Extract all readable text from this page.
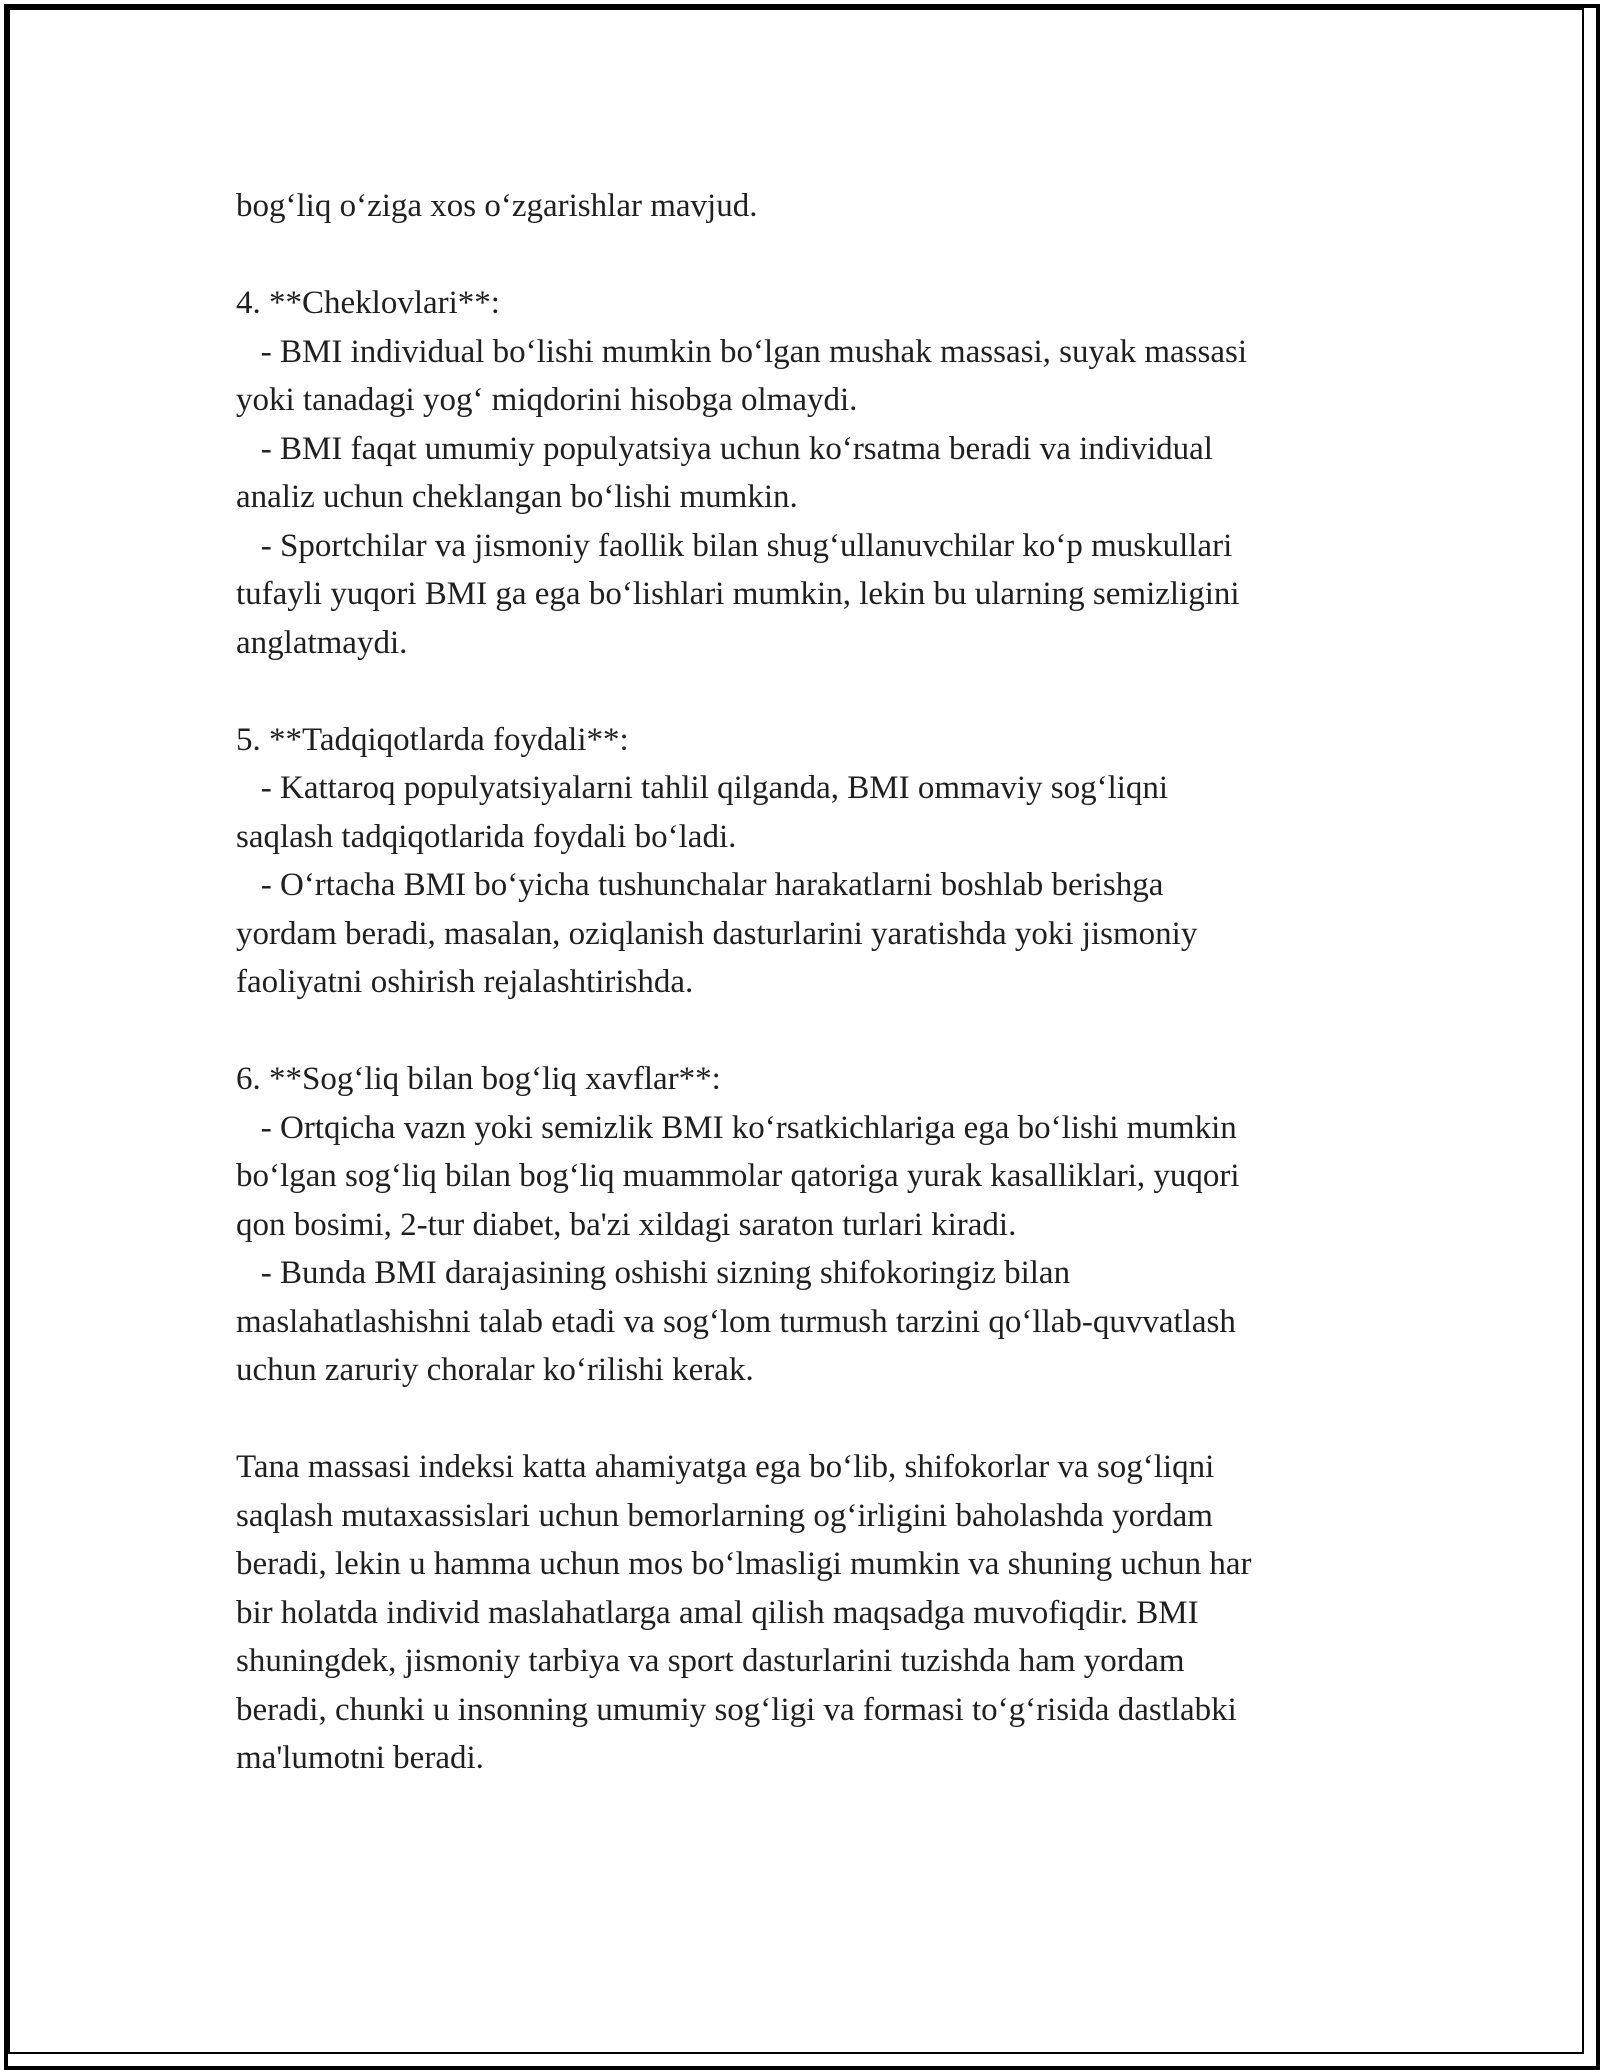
bog‘liq o‘ziga xos o‘zgarishlar mavjud.
4. **Cheklovlari**:
- BMI individual bo‘lishi mumkin bo‘lgan mushak massasi, suyak massasi
yoki tanadagi yog‘ miqdorini hisobga olmaydi.
- BMI faqat umumiy populyatsiya uchun ko‘rsatma beradi va individual
analiz uchun cheklangan bo‘lishi mumkin.
- Sportchilar va jismoniy faollik bilan shug‘ullanuvchilar ko‘p muskullari
tufayli yuqori BMI ga ega bo‘lishlari mumkin, lekin bu ularning semizligini
anglatmaydi.
5. **Tadqiqotlarda foydali**:
- Kattaroq populyatsiyalarni tahlil qilganda, BMI ommaviy sog‘liqni
saqlash tadqiqotlarida foydali bo‘ladi.
- O‘rtacha BMI bo‘yicha tushunchalar harakatlarni boshlab berishga
yordam beradi, masalan, oziqlanish dasturlarini yaratishda yoki jismoniy
faoliyatni oshirish rejalashtirishda.
6. **Sog‘liq bilan bog‘liq xavflar**:
- Ortqicha vazn yoki semizlik BMI ko‘rsatkichlariga ega bo‘lishi mumkin
bo‘lgan sog‘liq bilan bog‘liq muammolar qatoriga yurak kasalliklari, yuqori
qon bosimi, 2-tur diabet, ba'zi xildagi saraton turlari kiradi.
- Bunda BMI darajasining oshishi sizning shifokoringiz bilan
maslahatlashishni talab etadi va sog‘lom turmush tarzini qo‘llab-quvvatlash
uchun zaruriy choralar ko‘rilishi kerak.
Tana massasi indeksi katta ahamiyatga ega bo‘lib, shifokorlar va sog‘liqni
saqlash mutaxassislari uchun bemorlarning og‘irligini baholashda yordam
beradi, lekin u hamma uchun mos bo‘lmasligi mumkin va shuning uchun har
bir holatda individ maslahatlarga amal qilish maqsadga muvofiqdir. BMI
shuningdek, jismoniy tarbiya va sport dasturlarini tuzishda ham yordam
beradi, chunki u insonning umumiy sog‘ligi va formasi to‘g‘risida dastlabki
ma'lumotni beradi.
